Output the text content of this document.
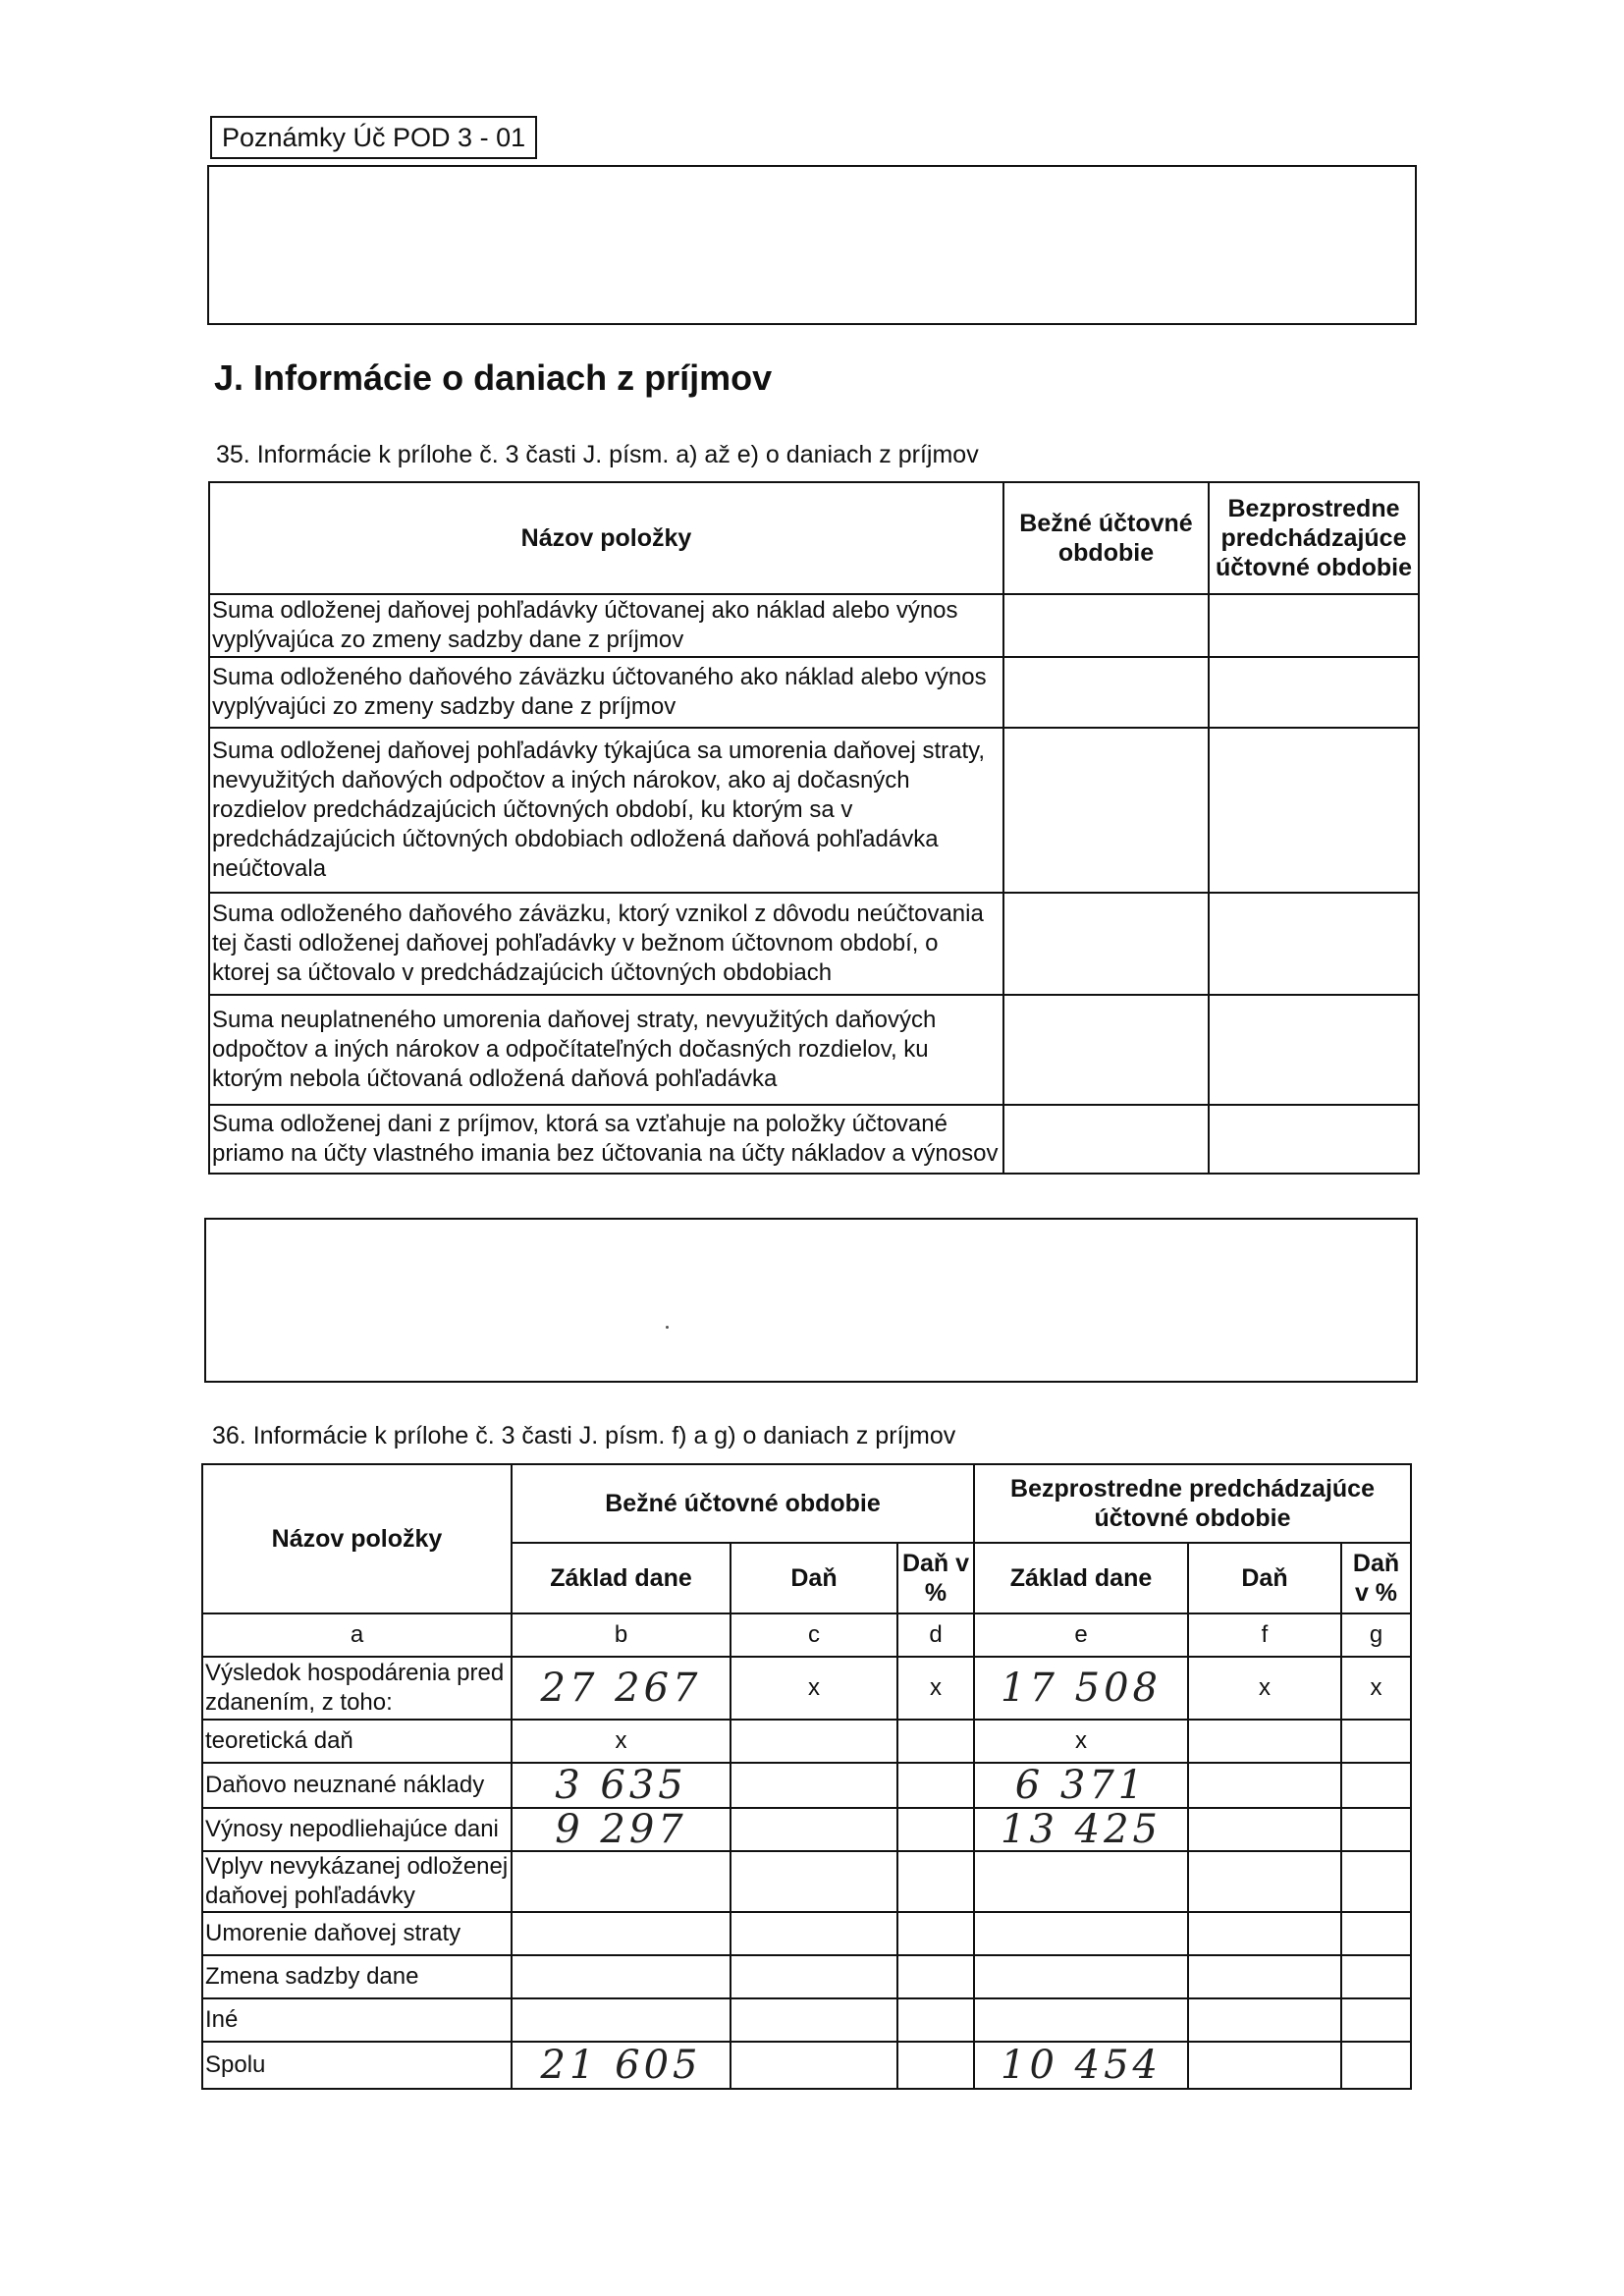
Poznámky Úč POD 3 - 01
J. Informácie o daniach z príjmov
35. Informácie k prílohe č. 3 časti J. písm. a) až e) o daniach z príjmov
Názov položky	Bežné účtovné obdobie	Bezprostredne predchádzajúce účtovné obdobie
Suma odloženej daňovej pohľadávky účtovanej ako náklad alebo výnos vyplývajúca zo zmeny sadzby dane z príjmov		
Suma odloženého daňového záväzku účtovaného ako náklad alebo výnos vyplývajúci zo zmeny sadzby dane z príjmov		
Suma odloženej daňovej pohľadávky týkajúca sa umorenia daňovej straty, nevyužitých daňových odpočtov a iných nárokov, ako aj dočasných rozdielov predchádzajúcich účtovných období, ku ktorým sa v predchádzajúcich účtovných obdobiach odložená daňová pohľadávka neúčtovala		
Suma odloženého daňového záväzku, ktorý vznikol z dôvodu neúčtovania tej časti odloženej daňovej pohľadávky v bežnom účtovnom období, o ktorej sa účtovalo v predchádzajúcich účtovných obdobiach		
Suma neuplatneného umorenia daňovej straty, nevyužitých daňových odpočtov a iných nárokov a odpočítateľných dočasných rozdielov, ku ktorým nebola účtovaná odložená daňová pohľadávka		
Suma odloženej dani z príjmov, ktorá sa vzťahuje na položky účtované priamo na účty vlastného imania bez účtovania na účty nákladov a výnosov		
36. Informácie k prílohe č. 3 časti J. písm. f) a g) o daniach z príjmov
Názov položky	Bežné účtovné obdobie			Bezprostredne predchádzajúce účtovné obdobie		
	Základ dane	Daň	Daň v %	Základ dane	Daň	Daň v %
a	b	c	d	e	f	g
Výsledok hospodárenia pred zdanením, z toho:	27 267	x	x	17 508	x	x
teoretická daň	x			x		
Daňovo neuznané náklady	3 635			6 371		
Výnosy nepodliehajúce dani	9 297			13 425		
Vplyv nevykázanej odloženej daňovej pohľadávky						
Umorenie daňovej straty						
Zmena sadzby dane						
Iné						
Spolu	21 605			10 454		
